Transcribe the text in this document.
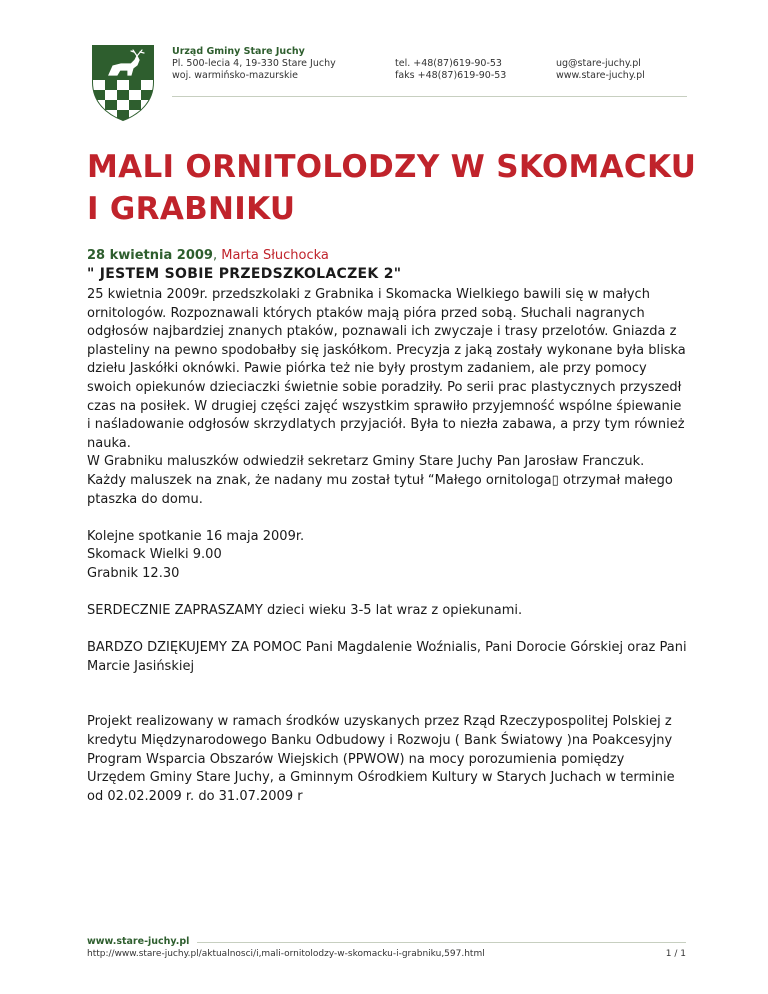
Urząd Gminy Stare Juchy
Pl. 500-lecia 4, 19-330 Stare Juchy
woj. warmińsko-mazurskie
tel. +48(87)619-90-53
faks +48(87)619-90-53
ug@stare-juchy.pl
www.stare-juchy.pl
MALI ORNITOLODZY W SKOMACKU I GRABNIKU
28 kwietnia 2009, Marta Słuchocka
" JESTEM SOBIE PRZEDSZKOLACZEK 2"

25 kwietnia 2009r. przedszkolaki z Grabnika i Skomacka Wielkiego bawili się w małych ornitologów. Rozpoznawali których ptaków mają pióra przed sobą. Słuchali nagranych odgłosów najbardziej znanych ptaków, poznawali ich zwyczaje i trasy przelotów. Gniazda z plasteliny na pewno spodobałby się jaskółkom. Precyzja z jaką zostały wykonane była bliska dziełu Jaskółki oknówki. Pawie piórka też nie były prostym zadaniem, ale przy pomocy swoich opiekunów dzieciaczki świetnie sobie poradziły. Po serii prac plastycznych przyszedł czas na posiłek. W drugiej części zajęć wszystkim sprawiło przyjemność wspólne śpiewanie i naśladowanie odgłosów skrzydlatych przyjaciół. Była to niezła zabawa, a przy tym również nauka.

W Grabniku maluszków odwiedził sekretarz Gminy Stare Juchy Pan Jarosław Franczuk.

Każdy maluszek na znak, że nadany mu został tytuł “Małego ornitologa▯ otrzymał małego ptaszka do domu.

Kolejne spotkanie 16 maja 2009r.

Skomack Wielki 9.00

Grabnik 12.30

SERDECZNIE ZAPRASZAMY dzieci wieku 3-5 lat wraz z opiekunami.

BARDZO DZIĘKUJEMY ZA POMOC Pani Magdalenie Woźnialis, Pani Dorocie Górskiej oraz Pani Marcie Jasińskiej

Projekt realizowany w ramach środków uzyskanych przez Rząd Rzeczypospolitej Polskiej z kredytu Międzynarodowego Banku Odbudowy i Rozwoju ( Bank Światowy )na Poakcesyjny Program Wsparcia Obszarów Wiejskich (PPWOW) na mocy porozumienia pomiędzy Urzędem Gminy Stare Juchy, a Gminnym Ośrodkiem Kultury w Starych Juchach w terminie od 02.02.2009 r. do 31.07.2009 r

www.stare-juchy.pl
http://www.stare-juchy.pl/aktualnosci/i,mali-ornitolodzy-w-skomacku-i-grabniku,597.html	1 / 1
